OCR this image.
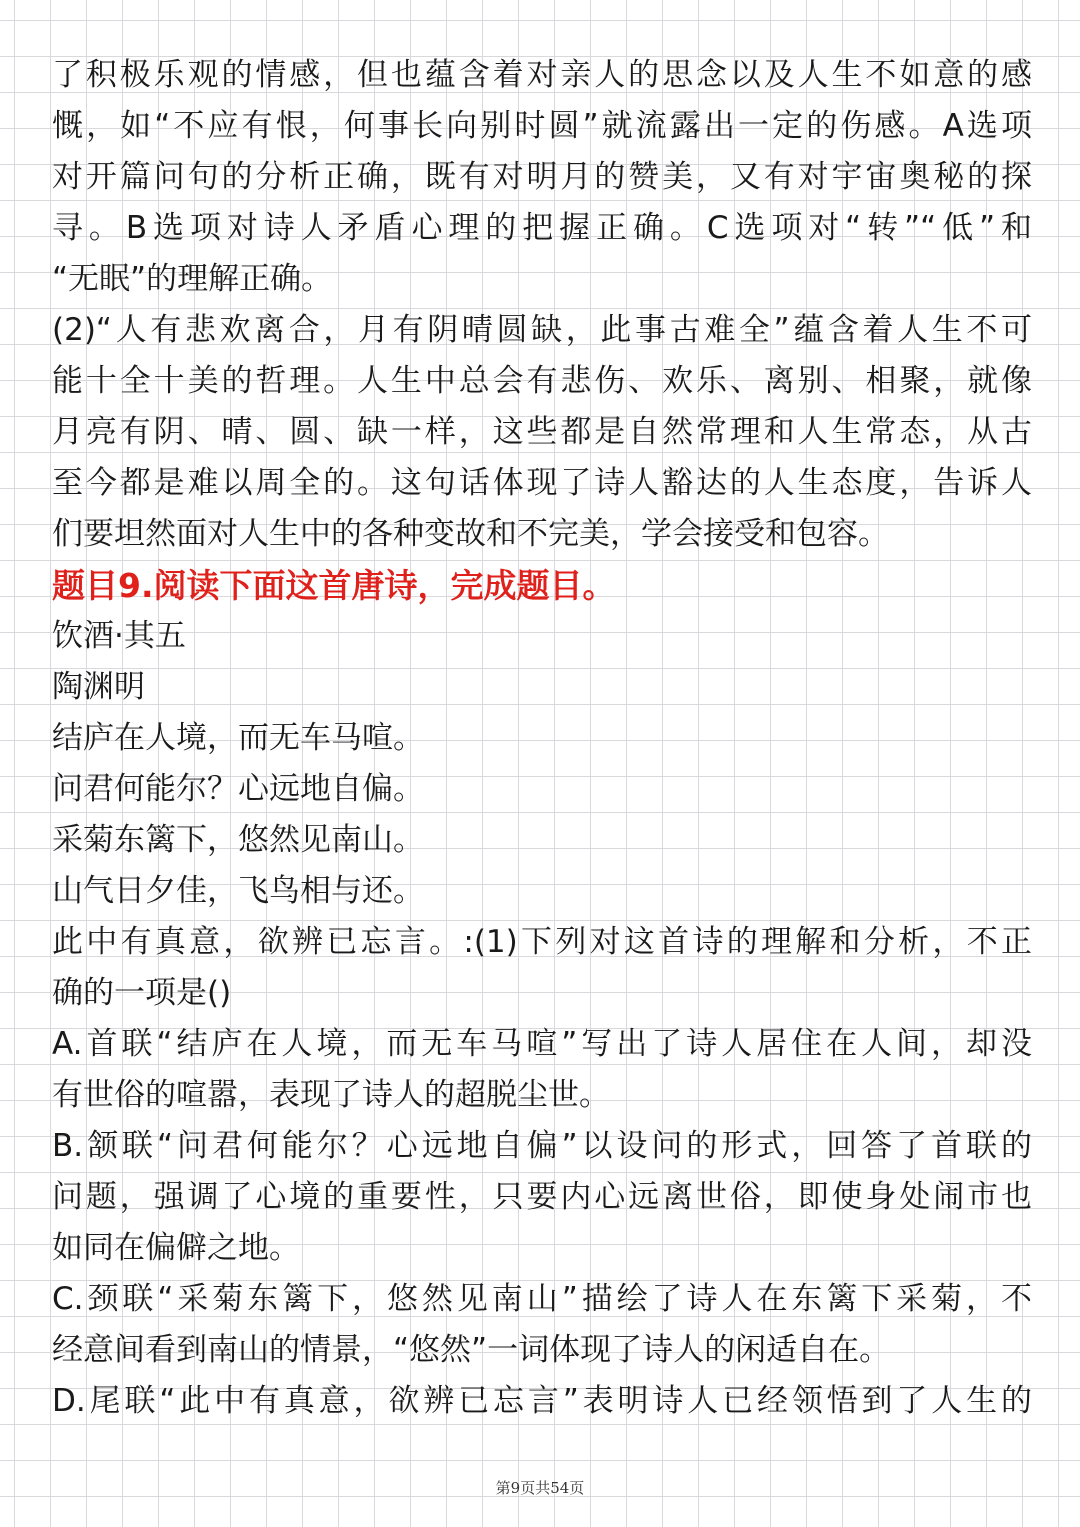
了积极乐观的情感，但也蕴含着对亲人的思念以及人生不如意的感
慨，如“不应有恨，何事长向别时圆”就流露出一定的伤感。A选项
对开篇问句的分析正确，既有对明月的赞美，又有对宇宙奥秘的探
寻。B选项对诗人矛盾心理的把握正确。C选项对“转”“低”和
“无眠”的理解正确。
(2)“人有悲欢离合，月有阴晴圆缺，此事古难全”蕴含着人生不可
能十全十美的哲理。人生中总会有悲伤、欢乐、离别、相聚，就像
月亮有阴、晴、圆、缺一样，这些都是自然常理和人生常态，从古
至今都是难以周全的。这句话体现了诗人豁达的人生态度，告诉人
们要坦然面对人生中的各种变故和不完美，学会接受和包容。
题目9.阅读下面这首唐诗，完成题目。
饮酒·其五
陶渊明
结庐在人境，而无车马喧。
问君何能尔？心远地自偏。
采菊东篱下，悠然见南山。
山气日夕佳，飞鸟相与还。
此中有真意，欲辨已忘言。:(1)下列对这首诗的理解和分析，不正
确的一项是()
A.首联“结庐在人境，而无车马喧”写出了诗人居住在人间，却没
有世俗的喧嚣，表现了诗人的超脱尘世。
B.颔联“问君何能尔？心远地自偏”以设问的形式，回答了首联的
问题，强调了心境的重要性，只要内心远离世俗，即使身处闹市也
如同在偏僻之地。
C.颈联“采菊东篱下，悠然见南山”描绘了诗人在东篱下采菊，不
经意间看到南山的情景，“悠然”一词体现了诗人的闲适自在。
D.尾联“此中有真意，欲辨已忘言”表明诗人已经领悟到了人生的
第9页共54页
